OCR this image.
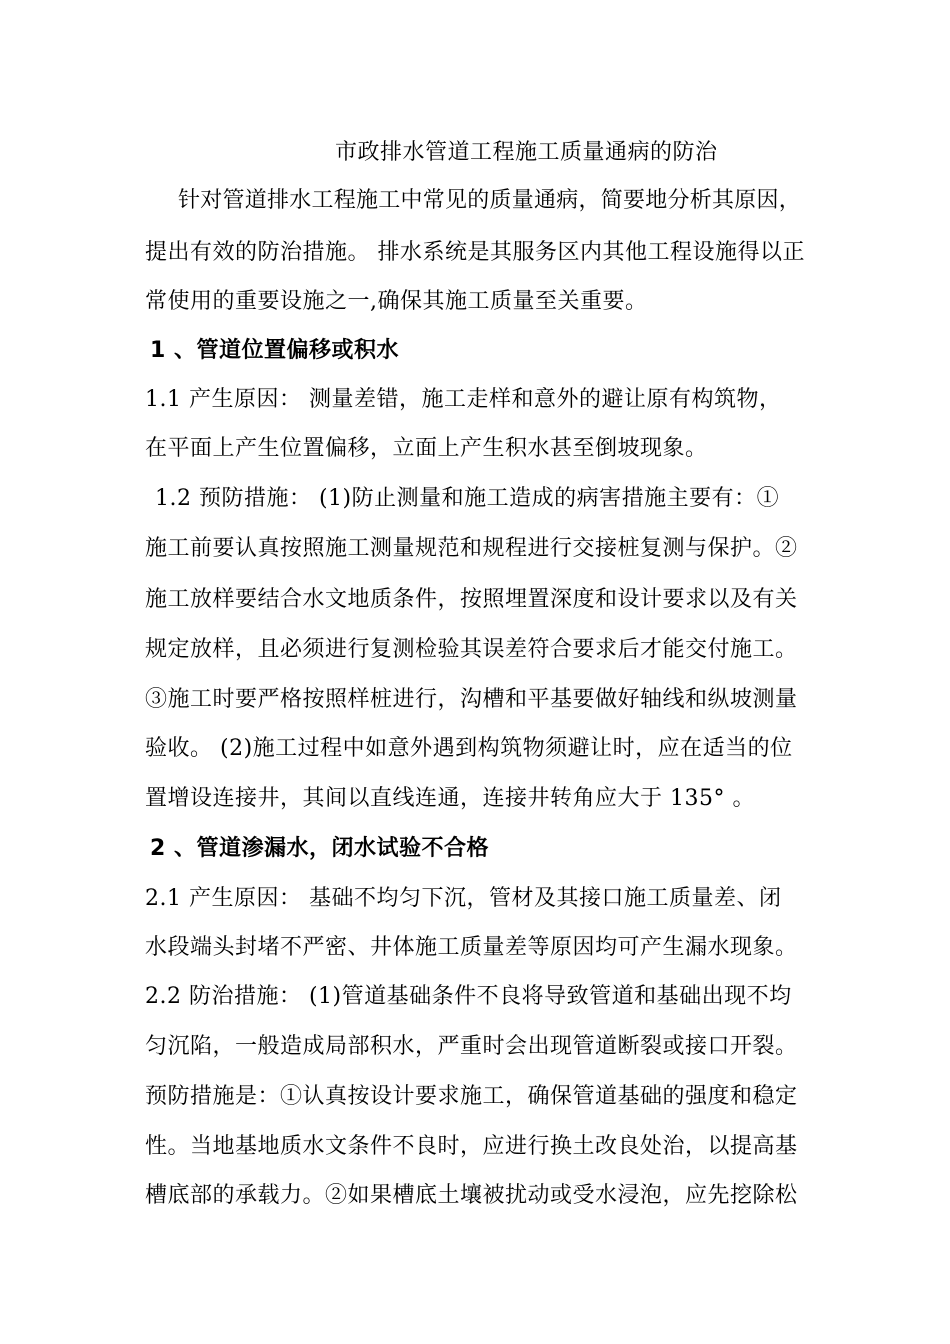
市政排水管道工程施工质量通病的防治
针对管道排水工程施工中常见的质量通病，简要地分析其原因，
提出有效的防治措施。 排水系统是其服务区内其他工程设施得以正
常使用的重要设施之一,确保其施工质量至关重要。
1 、管道位置偏移或积水
1.1 产生原因： 测量差错，施工走样和意外的避让原有构筑物，
在平面上产生位置偏移，立面上产生积水甚至倒坡现象。
1.2 预防措施： (1)防止测量和施工造成的病害措施主要有：①
施工前要认真按照施工测量规范和规程进行交接桩复测与保护。②
施工放样要结合水文地质条件，按照埋置深度和设计要求以及有关
规定放样，且必须进行复测检验其误差符合要求后才能交付施工。
③施工时要严格按照样桩进行，沟槽和平基要做好轴线和纵坡测量
验收。 (2)施工过程中如意外遇到构筑物须避让时，应在适当的位
置增设连接井，其间以直线连通，连接井转角应大于 135° 。
2 、管道渗漏水，闭水试验不合格
2.1 产生原因： 基础不均匀下沉，管材及其接口施工质量差、闭
水段端头封堵不严密、井体施工质量差等原因均可产生漏水现象。
2.2 防治措施： (1)管道基础条件不良将导致管道和基础出现不均
匀沉陷，一般造成局部积水，严重时会出现管道断裂或接口开裂。
预防措施是：①认真按设计要求施工，确保管道基础的强度和稳定
性。当地基地质水文条件不良时，应进行换土改良处治，以提高基
槽底部的承载力。②如果槽底土壤被扰动或受水浸泡，应先挖除松
